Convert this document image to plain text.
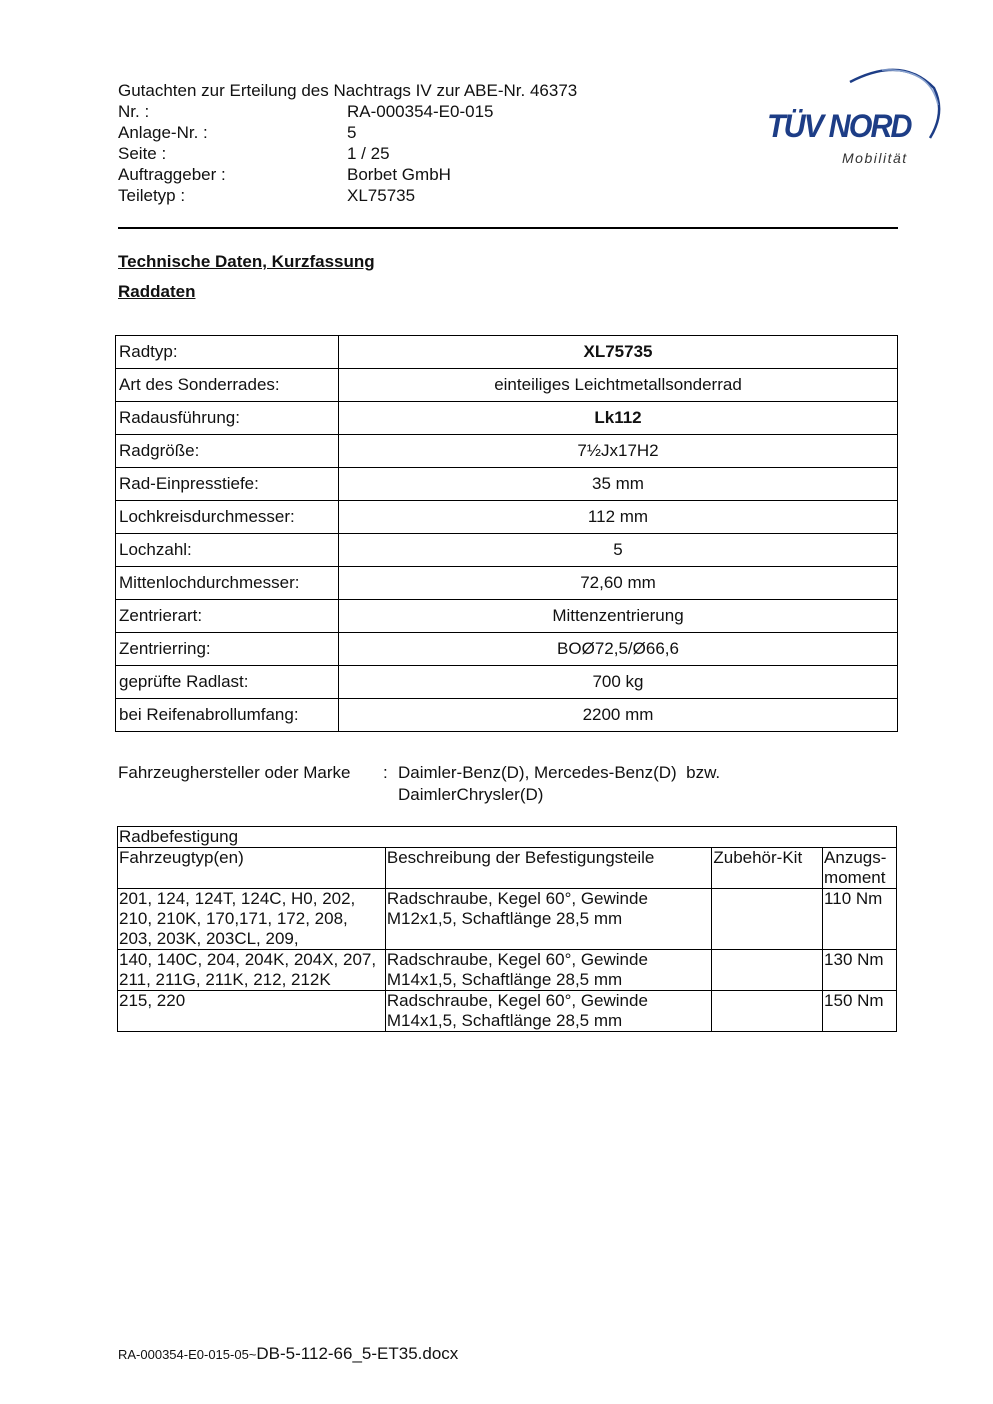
Gutachten zur Erteilung des Nachtrags IV zur ABE-Nr. 46373
Nr. :	RA-000354-E0-015
Anlage-Nr. :	5
Seite :	1 / 25
Auftraggeber :	Borbet GmbH
Teiletyp :	XL75735
TÜV NORD
Mobilität
Technische Daten, Kurzfassung
Raddaten
Radtyp:	XL75735
Art des Sonderrades:	einteiliges Leichtmetallsonderrad
Radausführung:	Lk112
Radgröße:	7½Jx17H2
Rad-Einpresstiefe:	35 mm
Lochkreisdurchmesser:	112 mm
Lochzahl:	5
Mittenlochdurchmesser:	72,60 mm
Zentrierart:	Mittenzentrierung
Zentrierring:	BOØ72,5/Ø66,6
geprüfte Radlast:	700 kg
bei Reifenabrollumfang:	2200 mm
Fahrzeughersteller oder Marke	: Daimler-Benz(D), Mercedes-Benz(D)  bzw.
DaimlerChrysler(D)
Radbefestigung			
Fahrzeugtyp(en)	Beschreibung der Befestigungsteile	Zubehör-Kit	Anzugs-moment
201, 124, 124T, 124C, H0, 202, 210, 210K, 170,171, 172, 208, 203, 203K, 203CL, 209,	Radschraube, Kegel 60°, Gewinde M12x1,5, Schaftlänge 28,5 mm		110 Nm
140, 140C, 204, 204K, 204X, 207, 211, 211G, 211K, 212, 212K	Radschraube, Kegel 60°, Gewinde M14x1,5, Schaftlänge 28,5 mm		130 Nm
215, 220	Radschraube, Kegel 60°, Gewinde M14x1,5, Schaftlänge 28,5 mm		150 Nm
RA-000354-E0-015-05~DB-5-112-66_5-ET35.docx
